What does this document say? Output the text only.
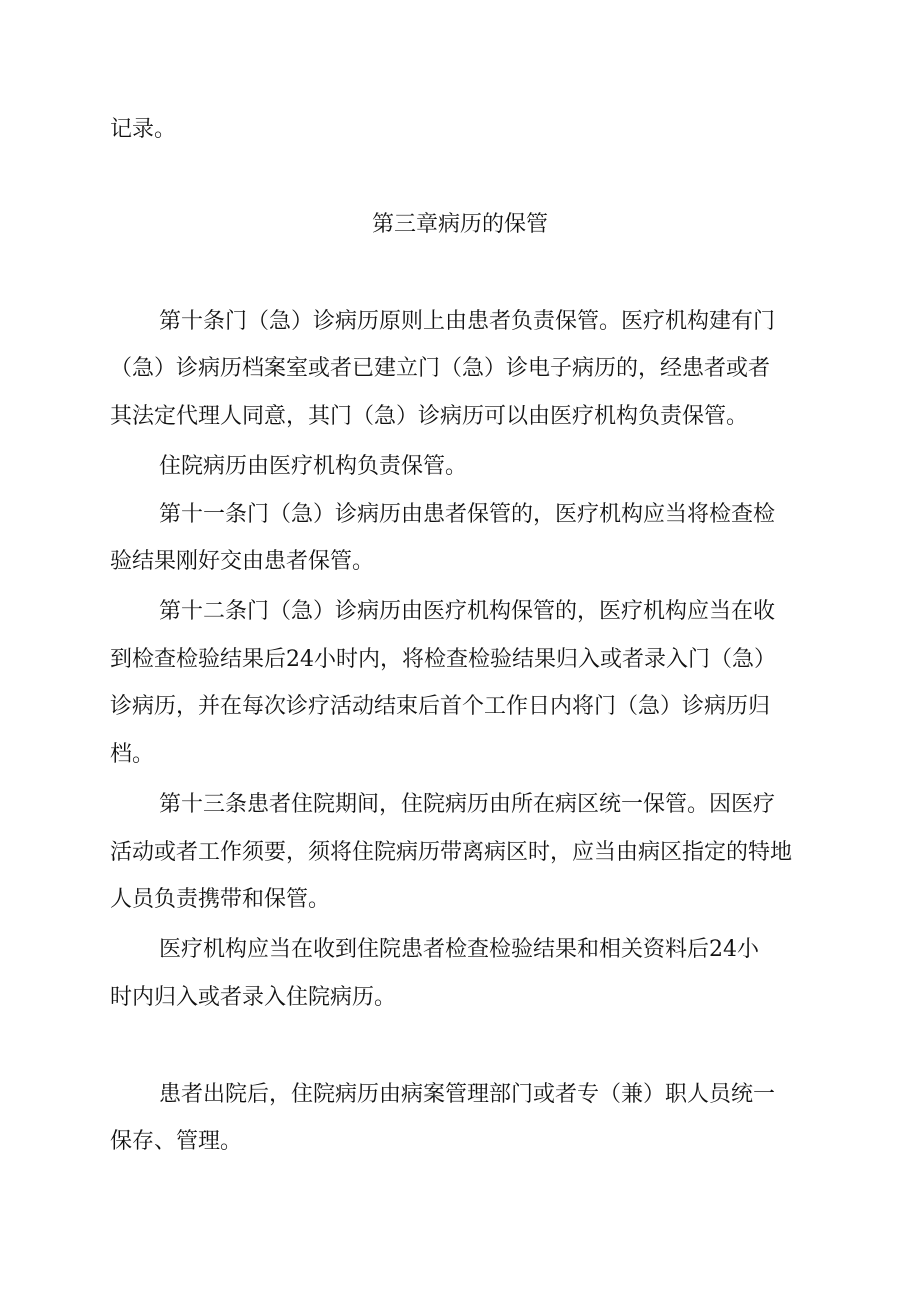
记录。
第三章病历的保管
第十条门（急）诊病历原则上由患者负责保管。医疗机构建有门
（急）诊病历档案室或者已建立门（急）诊电子病历的，经患者或者
其法定代理人同意，其门（急）诊病历可以由医疗机构负责保管。
住院病历由医疗机构负责保管。
第十一条门（急）诊病历由患者保管的，医疗机构应当将检查检
验结果刚好交由患者保管。
第十二条门（急）诊病历由医疗机构保管的，医疗机构应当在收
到检查检验结果后24小时内，将检查检验结果归入或者录入门（急）
诊病历，并在每次诊疗活动结束后首个工作日内将门（急）诊病历归
档。
第十三条患者住院期间，住院病历由所在病区统一保管。因医疗
活动或者工作须要，须将住院病历带离病区时，应当由病区指定的特地
人员负责携带和保管。
医疗机构应当在收到住院患者检查检验结果和相关资料后24小
时内归入或者录入住院病历。
患者出院后，住院病历由病案管理部门或者专（兼）职人员统一
保存、管理。
